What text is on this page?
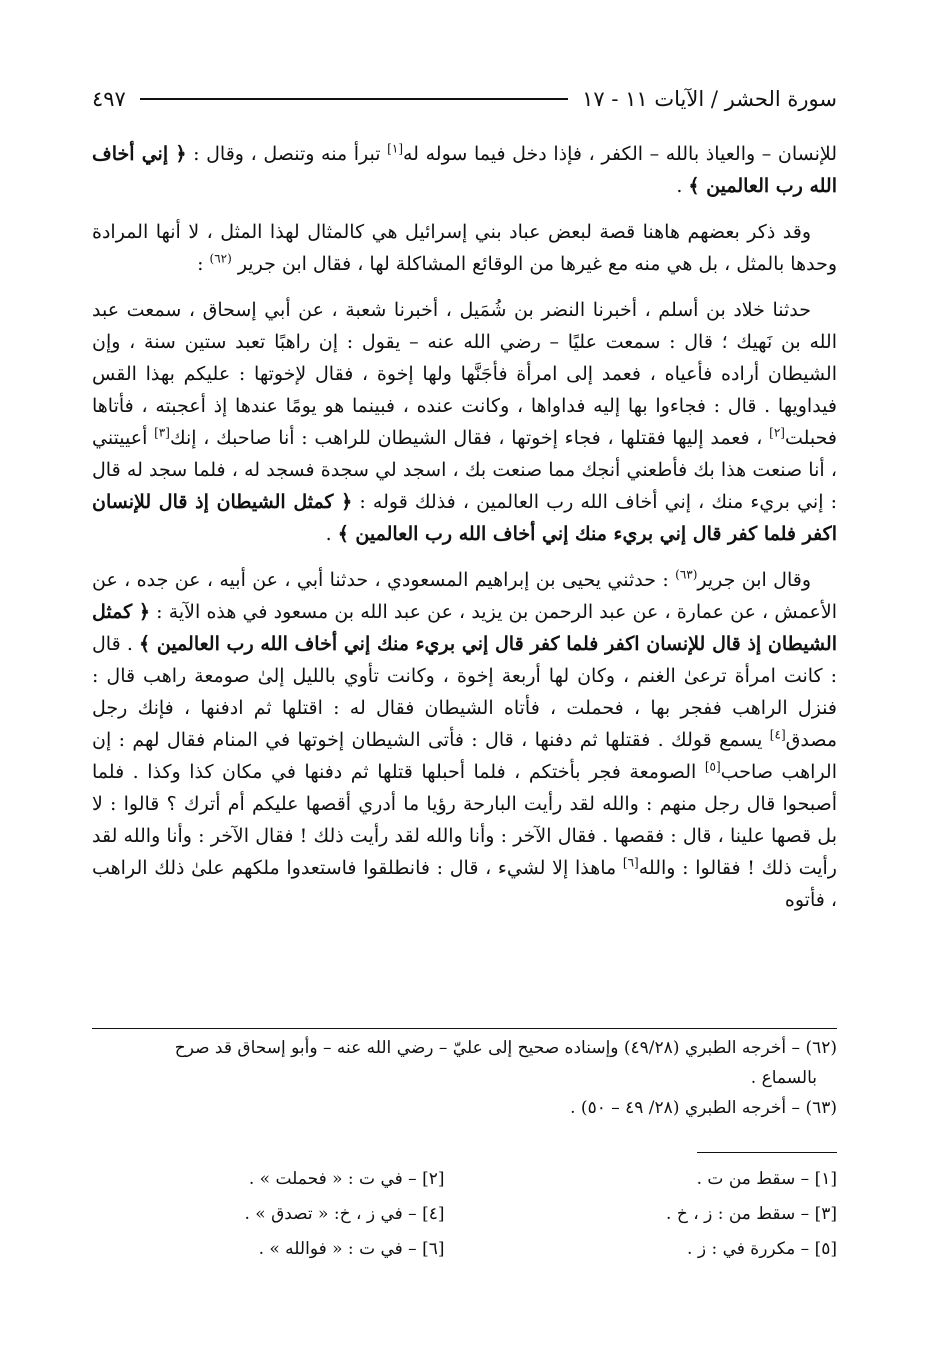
سورة الحشر / الآيات ١١ - ١٧
٤٩٧

للإنسان – والعياذ بالله – الكفر ، فإذا دخل فيما سوله له[١] تبرأ منه وتنصل ، وقال : ﴿ إني أخاف الله رب العالمين ﴾ .

وقد ذكر بعضهم هاهنا قصة لبعض عباد بني إسرائيل هي كالمثال لهذا المثل ، لا أنها المرادة وحدها بالمثل ، بل هي منه مع غيرها من الوقائع المشاكلة لها ، فقال ابن جرير $^{(٦٢)}$ :

حدثنا خلاد بن أسلم ، أخبرنا النضر بن شُمَيل ، أخبرنا شعبة ، عن أبي إسحاق ، سمعت عبد الله بن نَهيك ؛ قال : سمعت عليًا – رضي الله عنه – يقول : إن راهبًا تعبد ستين سنة ، وإن الشيطان أراده فأعياه ، فعمد إلى امرأة فأجَنَّها ولها إخوة ، فقال لإخوتها : عليكم بهذا القس فيداويها . قال : فجاءوا بها إليه فداواها ، وكانت عنده ، فبينما هو يومًا عندها إذ أعجبته ، فأتاها فحبلت[٢] ، فعمد إليها فقتلها ، فجاء إخوتها ، فقال الشيطان للراهب : أنا صاحبك ، إنك[٣] أعييتني ، أنا صنعت هذا بك فأطعني أنجك مما صنعت بك ، اسجد لي سجدة فسجد له ، فلما سجد له قال : إني بريء منك ، إني أخاف الله رب العالمين ، فذلك قوله : ﴿ كمثل الشيطان إذ قال للإنسان اكفر فلما كفر قال إني بريء منك إني أخاف الله رب العالمين ﴾ .

وقال ابن جرير$^{(٦٣)}$ : حدثني يحيى بن إبراهيم المسعودي ، حدثنا أبي ، عن أبيه ، عن جده ، عن الأعمش ، عن عمارة ، عن عبد الرحمن بن يزيد ، عن عبد الله بن مسعود في هذه الآية : ﴿ كمثل الشيطان إذ قال للإنسان اكفر فلما كفر قال إني بريء منك إني أخاف الله رب العالمين ﴾ . قال : كانت امرأة ترعىٰ الغنم ، وكان لها أربعة إخوة ، وكانت تأوي بالليل إلىٰ صومعة راهب قال : فنزل الراهب ففجر بها ، فحملت ، فأتاه الشيطان فقال له : اقتلها ثم ادفنها ، فإنك رجل مصدق[٤] يسمع قولك . فقتلها ثم دفنها ، قال : فأتى الشيطان إخوتها في المنام فقال لهم : إن الراهب صاحب[٥] الصومعة فجر بأختكم ، فلما أحبلها قتلها ثم دفنها في مكان كذا وكذا . فلما أصبحوا قال رجل منهم : والله لقد رأيت البارحة رؤيا ما أدري أقصها عليكم أم أترك ؟ قالوا : لا بل قصها علينا ، قال : فقصها . فقال الآخر : وأنا والله لقد رأيت ذلك ! فقال الآخر : وأنا والله لقد رأيت ذلك ! فقالوا : والله[٦] ماهذا إلا لشيء ، قال : فانطلقوا فاستعدوا ملكهم علىٰ ذلك الراهب ، فأتوه

(٦٢) – أخرجه الطبري (٤٩/٢٨) وإسناده صحيح إلى عليّ – رضي الله عنه – وأبو إسحاق قد صرح

بالسماع .

(٦٣) – أخرجه الطبري (٢٨/ ٤٩ – ٥٠) .

[١] – سقط من ت .
[٢] – في ت : « فحملت » .
[٣] – سقط من : ز ، خ .
[٤] – في ز ، خ: « تصدق » .
[٥] – مكررة في : ز .
[٦] – في ت : « فوالله » .
